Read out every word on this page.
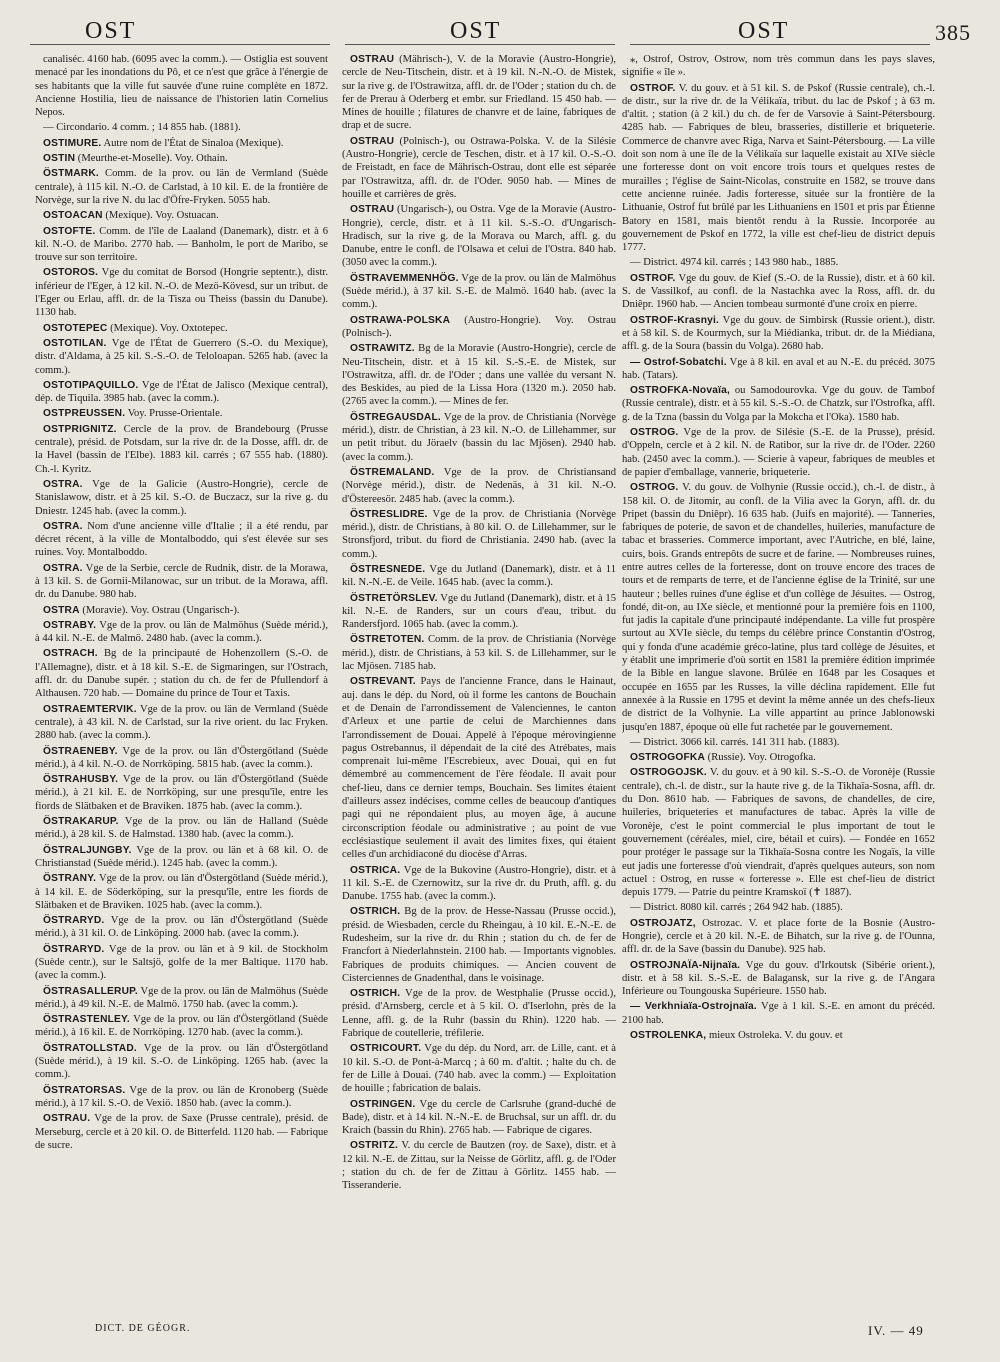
OST	OST	OST	385

canaliséc. 4160 hab. (6095 avec la comm.). — Ostiglia est souvent menacé par les inondations du Pô, et ce n'est que grâce à l'énergie de ses habitants que la ville fut sauvée d'une ruine complète en 1872. Ancienne Hostilia, lieu de naissance de l'historien latin Cornelius Nepos.

— Circondario. 4 comm. ; 14 855 hab. (1881).

OSTIMURE. Autre nom de l'État de Sinaloa (Mexique).

OSTIN (Meurthe-et-Moselle). Voy. Othain.

ÖSTMARK. Comm. de la prov. ou län de Vermland (Suède centrale), à 115 kil. N.-O. de Carlstad, à 10 kil. E. de la frontière de Norvège, sur la rive N. du lac d'Öfre-Fryken. 5055 hab.

OSTOACAN (Mexique). Voy. Ostuacan.

OSTOFTE. Comm. de l'île de Laaland (Danemark), distr. et à 6 kil. N.-O. de Maribo. 2770 hab. — Banholm, le port de Maribo, se trouve sur son territoire.

OSTOROS. Vge du comitat de Borsod (Hongrie septentr.), distr. inférieur de l'Eger, à 12 kil. N.-O. de Mezö-Kövesd, sur un tribut. de l'Eger ou Erlau, affl. dr. de la Tisza ou Theiss (bassin du Danube). 1130 hab.

OSTOTEPEC (Mexique). Voy. Oxtotepec.

OSTOTILAN. Vge de l'État de Guerrero (S.-O. du Mexique), distr. d'Aldama, à 25 kil. S.-S.-O. de Teloloapan. 5265 hab. (avec la comm.).

OSTOTIPAQUILLO. Vge de l'État de Jalisco (Mexique central), dép. de Tiquila. 3985 hab. (avec la comm.).

OSTPREUSSEN. Voy. Prusse-Orientale.

OSTPRIGNITZ. Cercle de la prov. de Brandebourg (Prusse centrale), présid. de Potsdam, sur la rive dr. de la Dosse, affl. dr. de la Havel (bassin de l'Elbe). 1883 kil. carrés ; 67 555 hab. (1880). Ch.-l. Kyritz.

OSTRA. Vge de la Galicie (Austro-Hongrie), cercle de Stanislawow, distr. et à 25 kil. S.-O. de Buczacz, sur la rive g. du Dniestr. 1245 hab. (avec la comm.).

OSTRA. Nom d'une ancienne ville d'Italie ; il a été rendu, par décret récent, à la ville de Montalboddo, qui s'est élevée sur ses ruines. Voy. Montalboddo.

OSTRA. Vge de la Serbie, cercle de Rudnik, distr. de la Morawa, à 13 kil. S. de Gornii-Milanowac, sur un tribut. de la Morawa, affl. dr. du Danube. 980 hab.

OSTRA (Moravie). Voy. Ostrau (Ungarisch-).

OSTRABY. Vge de la prov. ou län de Malmöhus (Suède mérid.), à 44 kil. N.-E. de Malmö. 2480 hab. (avec la comm.).

OSTRACH. Bg de la principauté de Hohenzollern (S.-O. de l'Allemagne), distr. et à 18 kil. S.-E. de Sigmaringen, sur l'Ostrach, affl. dr. du Danube supér. ; station du ch. de fer de Pfullendorf à Althausen. 720 hab. — Domaine du prince de Tour et Taxis.

OSTRAEMTERVIK. Vge de la prov. ou län de Vermland (Suède centrale), à 43 kil. N. de Carlstad, sur la rive orient. du lac Fryken. 2880 hab. (avec la comm.).

ÖSTRAENEBY. Vge de la prov. ou län d'Östergötland (Suède mérid.), à 4 kil. N.-O. de Norrköping. 5815 hab. (avec la comm.).

ÖSTRAHUSBY. Vge de la prov. ou län d'Östergötland (Suède mérid.), à 21 kil. E. de Norrköping, sur une presqu'île, entre les fiords de Slätbaken et de Braviken. 1875 hab. (avec la comm.).

ÖSTRAKARUP. Vge de la prov. ou län de Halland (Suède mérid.), à 28 kil. S. de Halmstad. 1380 hab. (avec la comm.).

ÖSTRALJUNGBY. Vge de la prov. ou län et à 68 kil. O. de Christianstad (Suède mérid.). 1245 hab. (avec la comm.).

ÖSTRANY. Vge de la prov. ou län d'Östergötland (Suède mérid.), à 14 kil. E. de Söderköping, sur la presqu'île, entre les fiords de Slätbaken et de Braviken. 1025 hab. (avec la comm.).

ÖSTRARYD. Vge de la prov. ou län d'Östergötland (Suède mérid.), à 31 kil. O. de Linköping. 2000 hab. (avec la comm.).

ÖSTRARYD. Vge de la prov. ou län et à 9 kil. de Stockholm (Suède centr.), sur le Saltsjö, golfe de la mer Baltique. 1170 hab. (avec la comm.).

ÖSTRASALLERUP. Vge de la prov. ou län de Malmöhus (Suède mérid.), à 49 kil. N.-E. de Malmö. 1750 hab. (avec la comm.).

ÖSTRASTENLEY. Vge de la prov. ou län d'Östergötland (Suède mérid.), à 16 kil. E. de Norrköping. 1270 hab. (avec la comm.).

ÖSTRATOLLSTAD. Vge de la prov. ou län d'Östergötland (Suède mérid.), à 19 kil. S.-O. de Linköping. 1265 hab. (avec la comm.).

ÖSTRATORSAS. Vge de la prov. ou län de Kronoberg (Suède mérid.), à 17 kil. S.-O. de Vexiö. 1850 hab. (avec la comm.).

OSTRAU. Vge de la prov. de Saxe (Prusse centrale), présid. de Merseburg, cercle et à 20 kil. O. de Bitterfeld. 1120 hab. — Fabrique de sucre.

OSTRAU (Mährisch-), V. de la Moravie (Austro-Hongrie), cercle de Neu-Titschein, distr. et à 19 kil. N.-N.-O. de Mistek, sur la rive g. de l'Ostrawitza, affl. dr. de l'Oder ; station du ch. de fer de Prerau à Oderberg et embr. sur Friedland. 15 450 hab. — Mines de houille ; filatures de chanvre et de laine, fabriques de drap et de sucre.

OSTRAU (Polnisch-), ou Ostrawa-Polska. V. de la Silésie (Austro-Hongrie), cercle de Teschen, distr. et à 17 kil. O.-S.-O. de Freistadt, en face de Mährisch-Ostrau, dont elle est séparée par l'Ostrawitza, affl. dr. de l'Oder. 9050 hab. — Mines de houille et carrières de grès.

OSTRAU (Ungarisch-), ou Ostra. Vge de la Moravie (Austro-Hongrie), cercle, distr. et à 11 kil. S.-S.-O. d'Ungarisch-Hradisch, sur la rive g. de la Morava ou March, affl. g. du Danube, entre le confl. de l'Olsawa et celui de l'Ostra. 840 hab. (3050 avec la comm.).

ÖSTRAVEMMENHÖG. Vge de la prov. ou län de Malmöhus (Suède mérid.), à 37 kil. S.-E. de Malmö. 1640 hab. (avec la comm.).

OSTRAWA-POLSKA (Austro-Hongrie). Voy. Ostrau (Polnisch-).

OSTRAWITZ. Bg de la Moravie (Austro-Hongrie), cercle de Neu-Titschein, distr. et à 15 kil. S.-S.-E. de Mistek, sur l'Ostrawitza, affl. dr. de l'Oder ; dans une vallée du versant N. des Beskides, au pied de la Lissa Hora (1320 m.). 2050 hab. (2765 avec la comm.). — Mines de fer.

ÖSTREGAUSDAL. Vge de la prov. de Christiania (Norvège mérid.), distr. de Christian, à 23 kil. N.-O. de Lillehammer, sur un petit tribut. du Jöraelv (bassin du lac Mjösen). 2940 hab. (avec la comm.).

ÖSTREMALAND. Vge de la prov. de Christiansand (Norvège mérid.), distr. de Nedenäs, à 31 kil. N.-O. d'Östereesör. 2485 hab. (avec la comm.).

ÖSTRESLIDRE. Vge de la prov. de Christiania (Norvège mérid.), distr. de Christians, à 80 kil. O. de Lillehammer, sur le Stronsfjord, tribut. du fiord de Christiania. 2490 hab. (avec la comm.).

ÖSTRESNEDE. Vge du Jutland (Danemark), distr. et à 11 kil. N.-N.-E. de Veile. 1645 hab. (avec la comm.).

ÖSTRETÖRSLEV. Vge du Jutland (Danemark), distr. et à 15 kil. N.-E. de Randers, sur un cours d'eau, tribut. du Randersfjord. 1065 hab. (avec la comm.).

ÖSTRETOTEN. Comm. de la prov. de Christiania (Norvège mérid.), distr. de Christians, à 53 kil. S. de Lillehammer, sur le lac Mjösen. 7185 hab.

OSTREVANT. Pays de l'ancienne France, dans le Hainaut, auj. dans le dép. du Nord, où il forme les cantons de Bouchain et de Denain de l'arrondissement de Valenciennes, le canton d'Arleux et une partie de celui de Marchiennes dans l'arrondissement de Douai. Appelé à l'époque mérovingienne pagus Ostrebannus, il dépendait de la cité des Atrébates, mais comprenait lui-même l'Escrebieux, avec Douai, qui en fut démembré au commencement de l'ère féodale. Il avait pour chef-lieu, dans ce dernier temps, Bouchain. Ses limites étaient d'ailleurs assez indécises, comme celles de beaucoup d'antiques pagi qui ne répondaient plus, au moyen âge, à aucune circonscription féodale ou administrative ; au point de vue ecclésiastique seulement il avait des limites fixes, qui étaient celles d'un archidiaconé du diocèse d'Arras.

OSTRICA. Vge de la Bukovine (Austro-Hongrie), distr. et à 11 kil. S.-E. de Czernowitz, sur la rive dr. du Pruth, affl. g. du Danube. 1755 hab. (avec la comm.).

OSTRICH. Bg de la prov. de Hesse-Nassau (Prusse occid.), présid. de Wiesbaden, cercle du Rheingau, à 10 kil. E.-N.-E. de Rudesheim, sur la rive dr. du Rhin ; station du ch. de fer de Francfort à Niederlahnstein. 2100 hab. — Importants vignobles. Fabriques de produits chimiques. — Ancien couvent de Cisterciennes de Gnadenthal, dans le voisinage.

OSTRICH. Vge de la prov. de Westphalie (Prusse occid.), présid. d'Arnsberg, cercle et à 5 kil. O. d'Iserlohn, près de la Lenne, affl. g. de la Ruhr (bassin du Rhin). 1220 hab. — Fabrique de coutellerie, tréfilerie.

OSTRICOURT. Vge du dép. du Nord, arr. de Lille, cant. et à 10 kil. S.-O. de Pont-à-Marcq ; à 60 m. d'altit. ; halte du ch. de fer de Lille à Douai. (740 hab. avec la comm.) — Exploitation de houille ; fabrication de balais.

OSTRINGEN. Vge du cercle de Carlsruhe (grand-duché de Bade), distr. et à 14 kil. N.-N.-E. de Bruchsal, sur un affl. dr. du Kraich (bassin du Rhin). 2765 hab. — Fabrique de cigares.

OSTRITZ. V. du cercle de Bautzen (roy. de Saxe), distr. et à 12 kil. N.-E. de Zittau, sur la Neisse de Görlitz, affl. g. de l'Oder ; station du ch. de fer de Zittau à Görlitz. 1455 hab. — Tisseranderie.

⁎, Ostrof, Ostrov, Ostrow, nom très commun dans les pays slaves, signifie « île ».

OSTROF. V. du gouv. et à 51 kil. S. de Pskof (Russie centrale), ch.-l. de distr., sur la rive dr. de la Vélikaïa, tribut. du lac de Pskof ; à 63 m. d'altit. ; station (à 2 kil.) du ch. de fer de Varsovie à Saint-Pétersbourg. 4285 hab. — Fabriques de bleu, brasseries, distillerie et briqueterie. Commerce de chanvre avec Riga, Narva et Saint-Pétersbourg. — La ville doit son nom à une île de la Vélikaïa sur laquelle existait au XIVe siècle une forteresse dont on voit encore trois tours et quelques restes de murailles ; l'église de Saint-Nicolas, construite en 1582, se trouve dans cette ancienne ruinée. Jadis forteresse, située sur la frontière de la Lithuanie, Ostrof fut brûlé par les Lithuaniens en 1501 et pris par Étienne Batory en 1581, mais bientôt rendu à la Russie. Incorporée au gouvernement de Pskof en 1772, la ville est chef-lieu de district depuis 1777.

— District. 4974 kil. carrés ; 143 980 hab., 1885.

OSTROF. Vge du gouv. de Kief (S.-O. de la Russie), distr. et à 60 kil. S. de Vassilkof, au confl. de la Nastachka avec la Ross, affl. dr. du Dniêpr. 1960 hab. — Ancien tombeau surmonté d'une croix en pierre.

OSTROF-Krasnyi. Vge du gouv. de Simbirsk (Russie orient.), distr. et à 58 kil. S. de Kourmych, sur la Miédianka, tribut. dr. de la Miédiana, affl. g. de la Soura (bassin du Volga). 2680 hab.

— Ostrof-Sobatchi. Vge à 8 kil. en aval et au N.-E. du précéd. 3075 hab. (Tatars).

OSTROFKA-Novaïa, ou Samodourovka. Vge du gouv. de Tambof (Russie centrale), distr. et à 55 kil. S.-S.-O. de Chatzk, sur l'Ostrofka, affl. g. de la Tzna (bassin du Volga par la Mokcha et l'Oka). 1580 hab.

OSTROG. Vge de la prov. de Silésie (S.-E. de la Prusse), présid. d'Oppeln, cercle et à 2 kil. N. de Ratibor, sur la rive dr. de l'Oder. 2260 hab. (2450 avec la comm.). — Scierie à vapeur, fabriques de meubles et de papier d'emballage, vannerie, briqueterie.

OSTROG. V. du gouv. de Volhynie (Russie occid.), ch.-l. de distr., à 158 kil. O. de Jitomir, au confl. de la Vilia avec la Goryn, affl. dr. du Pripet (bassin du Dniêpr). 16 635 hab. (Juifs en majorité). — Tanneries, fabriques de poterie, de savon et de chandelles, huileries, manufacture de tabac et brasseries. Commerce important, avec l'Autriche, en blé, laine, cuirs, bois. Grands entrepôts de sucre et de farine. — Nombreuses ruines, entre autres celles de la forteresse, dont on trouve encore des traces de tours et de remparts de terre, et de l'ancienne église de la Trinité, sur une hauteur ; belles ruines d'une église et d'un collège de Jésuites. — Ostrog, fondé, dit-on, au IXe siècle, et mentionné pour la première fois en 1100, fut jadis la capitale d'une principauté indépendante. La ville fut prospère surtout au XVIe siècle, du temps du célèbre prince Constantin d'Ostrog, qui y fonda d'une académie gréco-latine, plus tard collège de Jésuites, et y établit une imprimerie d'où sortit en 1581 la première édition imprimée de la Bible en langue slavone. Brûlée en 1648 par les Cosaques et occupée en 1655 par les Russes, la ville déclina rapidement. Elle fut annexée à la Russie en 1795 et devint la même année un des chefs-lieux de district de la Volhynie. La ville appartint au prince Jablonowski jusqu'en 1887, époque où elle fut rachetée par le gouvernement.

— District. 3066 kil. carrés. 141 311 hab. (1883).

OSTROGOFKA (Russie). Voy. Otrogofka.

OSTROGOJSK. V. du gouv. et à 90 kil. S.-S.-O. de Voronèje (Russie centrale), ch.-l. de distr., sur la haute rive g. de la Tikhaïa-Sosna, affl. dr. du Don. 8610 hab. — Fabriques de savons, de chandelles, de cire, huileries, briqueteries et manufactures de tabac. Après la ville de Voronèje, c'est le point commercial le plus important de tout le gouvernement (céréales, miel, cire, bétail et cuirs). — Fondée en 1652 pour protéger le passage sur la Tikhaïa-Sosna contre les Nogaïs, la ville eut jadis une forteresse d'où viendrait, d'après quelques auteurs, son nom actuel : Ostrog, en russe « forteresse ». Elle est chef-lieu de district depuis 1779. — Patrie du peintre Kramskoï (✝ 1887).

— District. 8080 kil. carrés ; 264 942 hab. (1885).

OSTROJATZ, Ostrozac. V. et place forte de la Bosnie (Austro-Hongrie), cercle et à 20 kil. N.-E. de Bihatch, sur la rive g. de l'Ounna, affl. dr. de la Save (bassin du Danube). 925 hab.

OSTROJNAÏA-Nijnaïa. Vge du gouv. d'Irkoutsk (Sibérie orient.), distr. et à 58 kil. S.-S.-E. de Balagansk, sur la rive g. de l'Angara Inférieure ou Toungouska Supérieure. 1550 hab.

— Verkhniaïa-Ostrojnaïa. Vge à 1 kil. S.-E. en amont du précéd. 2100 hab.

OSTROLENKA, mieux Ostroleka. V. du gouv. et

DICT. DE GÉOGR.	IV. — 49
